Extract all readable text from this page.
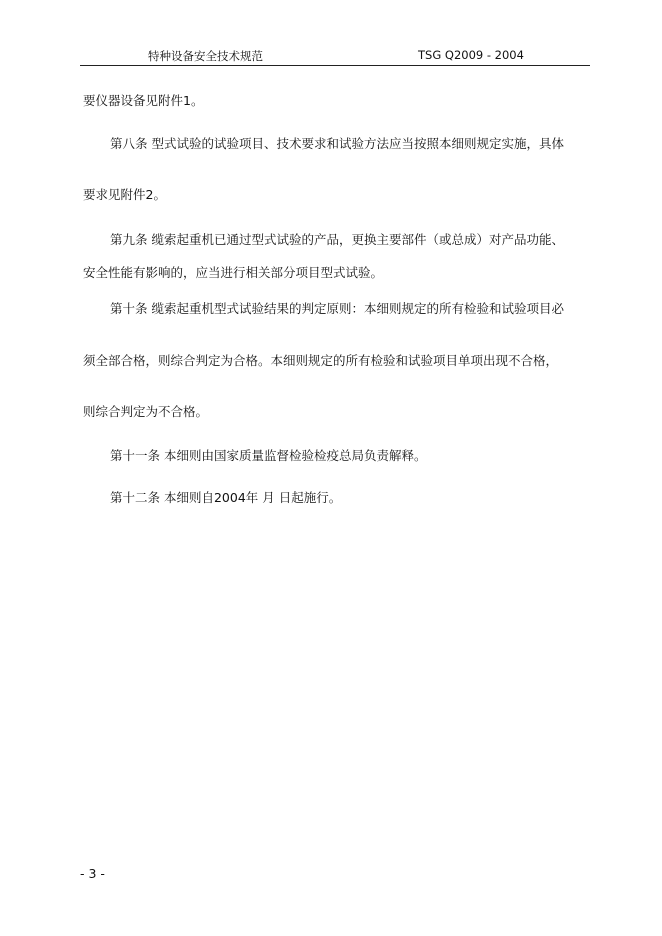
特种设备安全技术规范	TSG Q2009 - 2004
要仪器设备见附件1。
第八条 型式试验的试验项目、技术要求和试验方法应当按照本细则规定实施，具体
要求见附件2。
第九条 缆索起重机已通过型式试验的产品，更换主要部件（或总成）对产品功能、
安全性能有影响的，应当进行相关部分项目型式试验。
第十条 缆索起重机型式试验结果的判定原则：本细则规定的所有检验和试验项目必
须全部合格，则综合判定为合格。本细则规定的所有检验和试验项目单项出现不合格，
则综合判定为不合格。
第十一条 本细则由国家质量监督检验检疫总局负责解释。
第十二条 本细则自2004年 月 日起施行。
- 3 -
